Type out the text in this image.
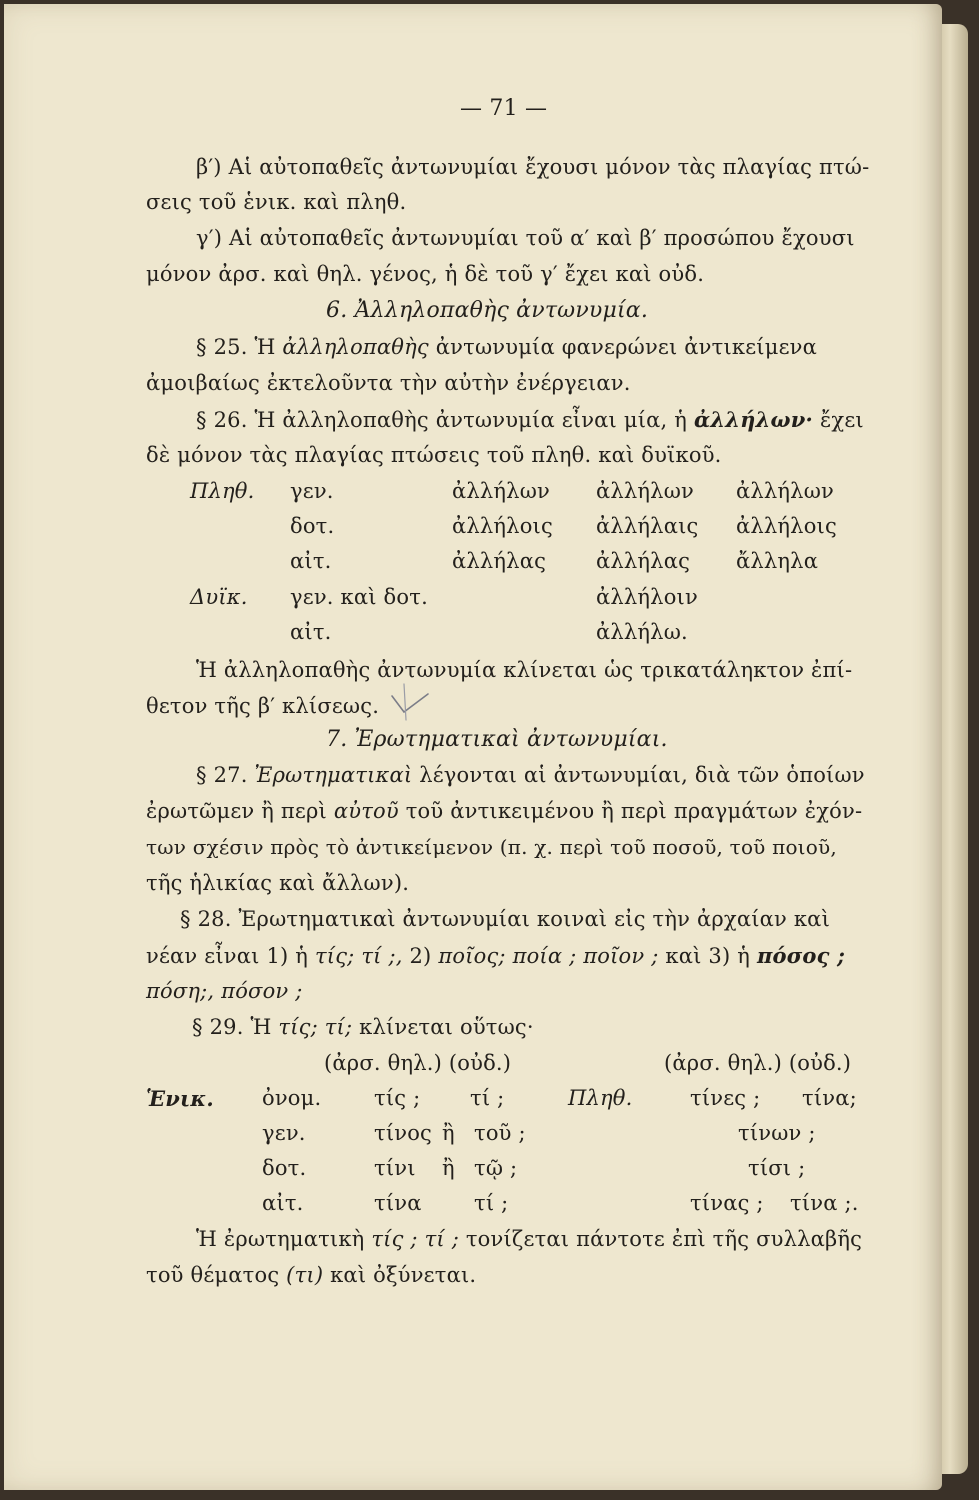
— 71 —
β′) Αἱ αὐτοπαθεῖς ἀντωνυμίαι ἔχουσι μόνον τὰς πλαγίας πτώ-
σεις τοῦ ἑνικ. καὶ πληθ.
γ′) Αἱ αὐτοπαθεῖς ἀντωνυμίαι τοῦ α′ καὶ β′ προσώπου ἔχουσι
μόνον ἀρσ. καὶ θηλ. γένος, ἡ δὲ τοῦ γ′ ἔχει καὶ οὐδ.
6. Ἀλληλοπαθὴς ἀντωνυμία.
§ 25. Ἡ ἀλληλοπαθὴς ἀντωνυμία φανερώνει ἀντικείμενα
ἀμοιβαίως ἐκτελοῦντα τὴν αὐτὴν ἐνέργειαν.
§ 26. Ἡ ἀλληλοπαθὴς ἀντωνυμία εἶναι μία, ἡ ἀλλήλων· ἔχει
δὲ μόνον τὰς πλαγίας πτώσεις τοῦ πληθ. καὶ δυϊκοῦ.
Πληθ. γεν.	ἀλλήλων ἀλλήλων ἀλλήλων
δοτ.	ἀλλήλοις ἀλλήλαις ἀλλήλοις
αἰτ.	ἀλλήλας ἀλλήλας ἄλληλα
Δυϊκ. γεν. καὶ δοτ.	ἀλλήλοιν
αἰτ.	ἀλλήλω.
Ἡ ἀλληλοπαθὴς ἀντωνυμία κλίνεται ὡς τρικατάληκτον ἐπί-
θετον τῆς β′ κλίσεως.
7. Ἐρωτηματικαὶ ἀντωνυμίαι.
§ 27. Ἐρωτηματικαὶ λέγονται αἱ ἀντωνυμίαι, διὰ τῶν ὁποίων
ἐρωτῶμεν ἢ περὶ αὐτοῦ τοῦ ἀντικειμένου ἢ περὶ πραγμάτων ἐχόν-
των σχέσιν πρὸς τὸ ἀντικείμενον (π. χ. περὶ τοῦ ποσοῦ, τοῦ ποιοῦ,
τῆς ἡλικίας καὶ ἄλλων).
§ 28. Ἐρωτηματικαὶ ἀντωνυμίαι κοιναὶ εἰς τὴν ἀρχαίαν καὶ
νέαν εἶναι 1) ἡ τίς; τί ;, 2) ποῖος; ποία ; ποῖον ; καὶ 3) ἡ πόσος ;
πόση;, πόσον ;
§ 29. Ἡ τίς; τί; κλίνεται οὕτως·
(ἀρσ. θηλ.) (οὐδ.)	(ἀρσ. θηλ.) (οὐδ.)
Ἑνικ. ὀνομ.	τίς ; τί ;	Πληθ.	τίνες ; τίνα;
γεν.	τίνος ἢ τοῦ ;	τίνων ;
δοτ.	τίνι ἢ τῷ ;	τίσι ;
αἰτ.	τίνα τί ;	τίνας ; τίνα ;.
Ἡ ἐρωτηματικὴ τίς ; τί ; τονίζεται πάντοτε ἐπὶ τῆς συλλαβῆς
τοῦ θέματος (τι) καὶ ὀξύνεται.
